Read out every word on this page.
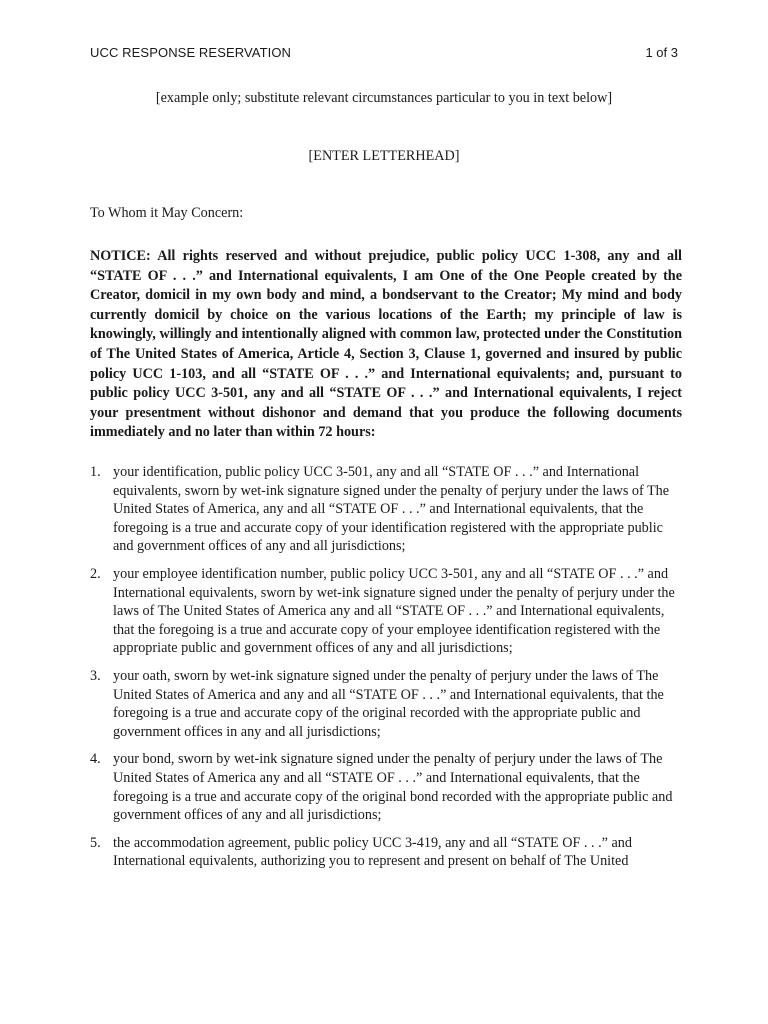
UCC RESPONSE RESERVATION	1 of 3
[example only; substitute relevant circumstances particular to you in text below]
[ENTER LETTERHEAD]
To Whom it May Concern:
NOTICE: All rights reserved and without prejudice, public policy UCC 1-308, any and all “STATE OF . . .” and International equivalents, I am One of the One People created by the Creator, domicil in my own body and mind, a bondservant to the Creator; My mind and body currently domicil by choice on the various locations of the Earth; my principle of law is knowingly, willingly and intentionally aligned with common law, protected under the Constitution of The United States of America, Article 4, Section 3, Clause 1, governed and insured by public policy UCC 1-103, and all “STATE OF . . .” and International equivalents; and, pursuant to public policy UCC 3-501, any and all “STATE OF . . .” and International equivalents, I reject your presentment without dishonor and demand that you produce the following documents immediately and no later than within 72 hours:
1. your identification, public policy UCC 3-501, any and all “STATE OF . . .” and International equivalents, sworn by wet-ink signature signed under the penalty of perjury under the laws of The United States of America, any and all “STATE OF . . .” and International equivalents, that the foregoing is a true and accurate copy of your identification registered with the appropriate public and government offices of any and all jurisdictions;
2. your employee identification number, public policy UCC 3-501, any and all “STATE OF . . .” and International equivalents, sworn by wet-ink signature signed under the penalty of perjury under the laws of The United States of America any and all “STATE OF . . .” and International equivalents, that the foregoing is a true and accurate copy of your employee identification registered with the appropriate public and government offices of any and all jurisdictions;
3. your oath, sworn by wet-ink signature signed under the penalty of perjury under the laws of The United States of America and any and all “STATE OF . . .” and International equivalents, that the foregoing is a true and accurate copy of the original recorded with the appropriate public and government offices in any and all jurisdictions;
4. your bond, sworn by wet-ink signature signed under the penalty of perjury under the laws of The United States of America any and all “STATE OF . . .” and International equivalents, that the foregoing is a true and accurate copy of the original bond recorded with the appropriate public and government offices of any and all jurisdictions;
5. the accommodation agreement, public policy UCC 3-419, any and all “STATE OF . . .” and International equivalents, authorizing you to represent and present on behalf of The United
